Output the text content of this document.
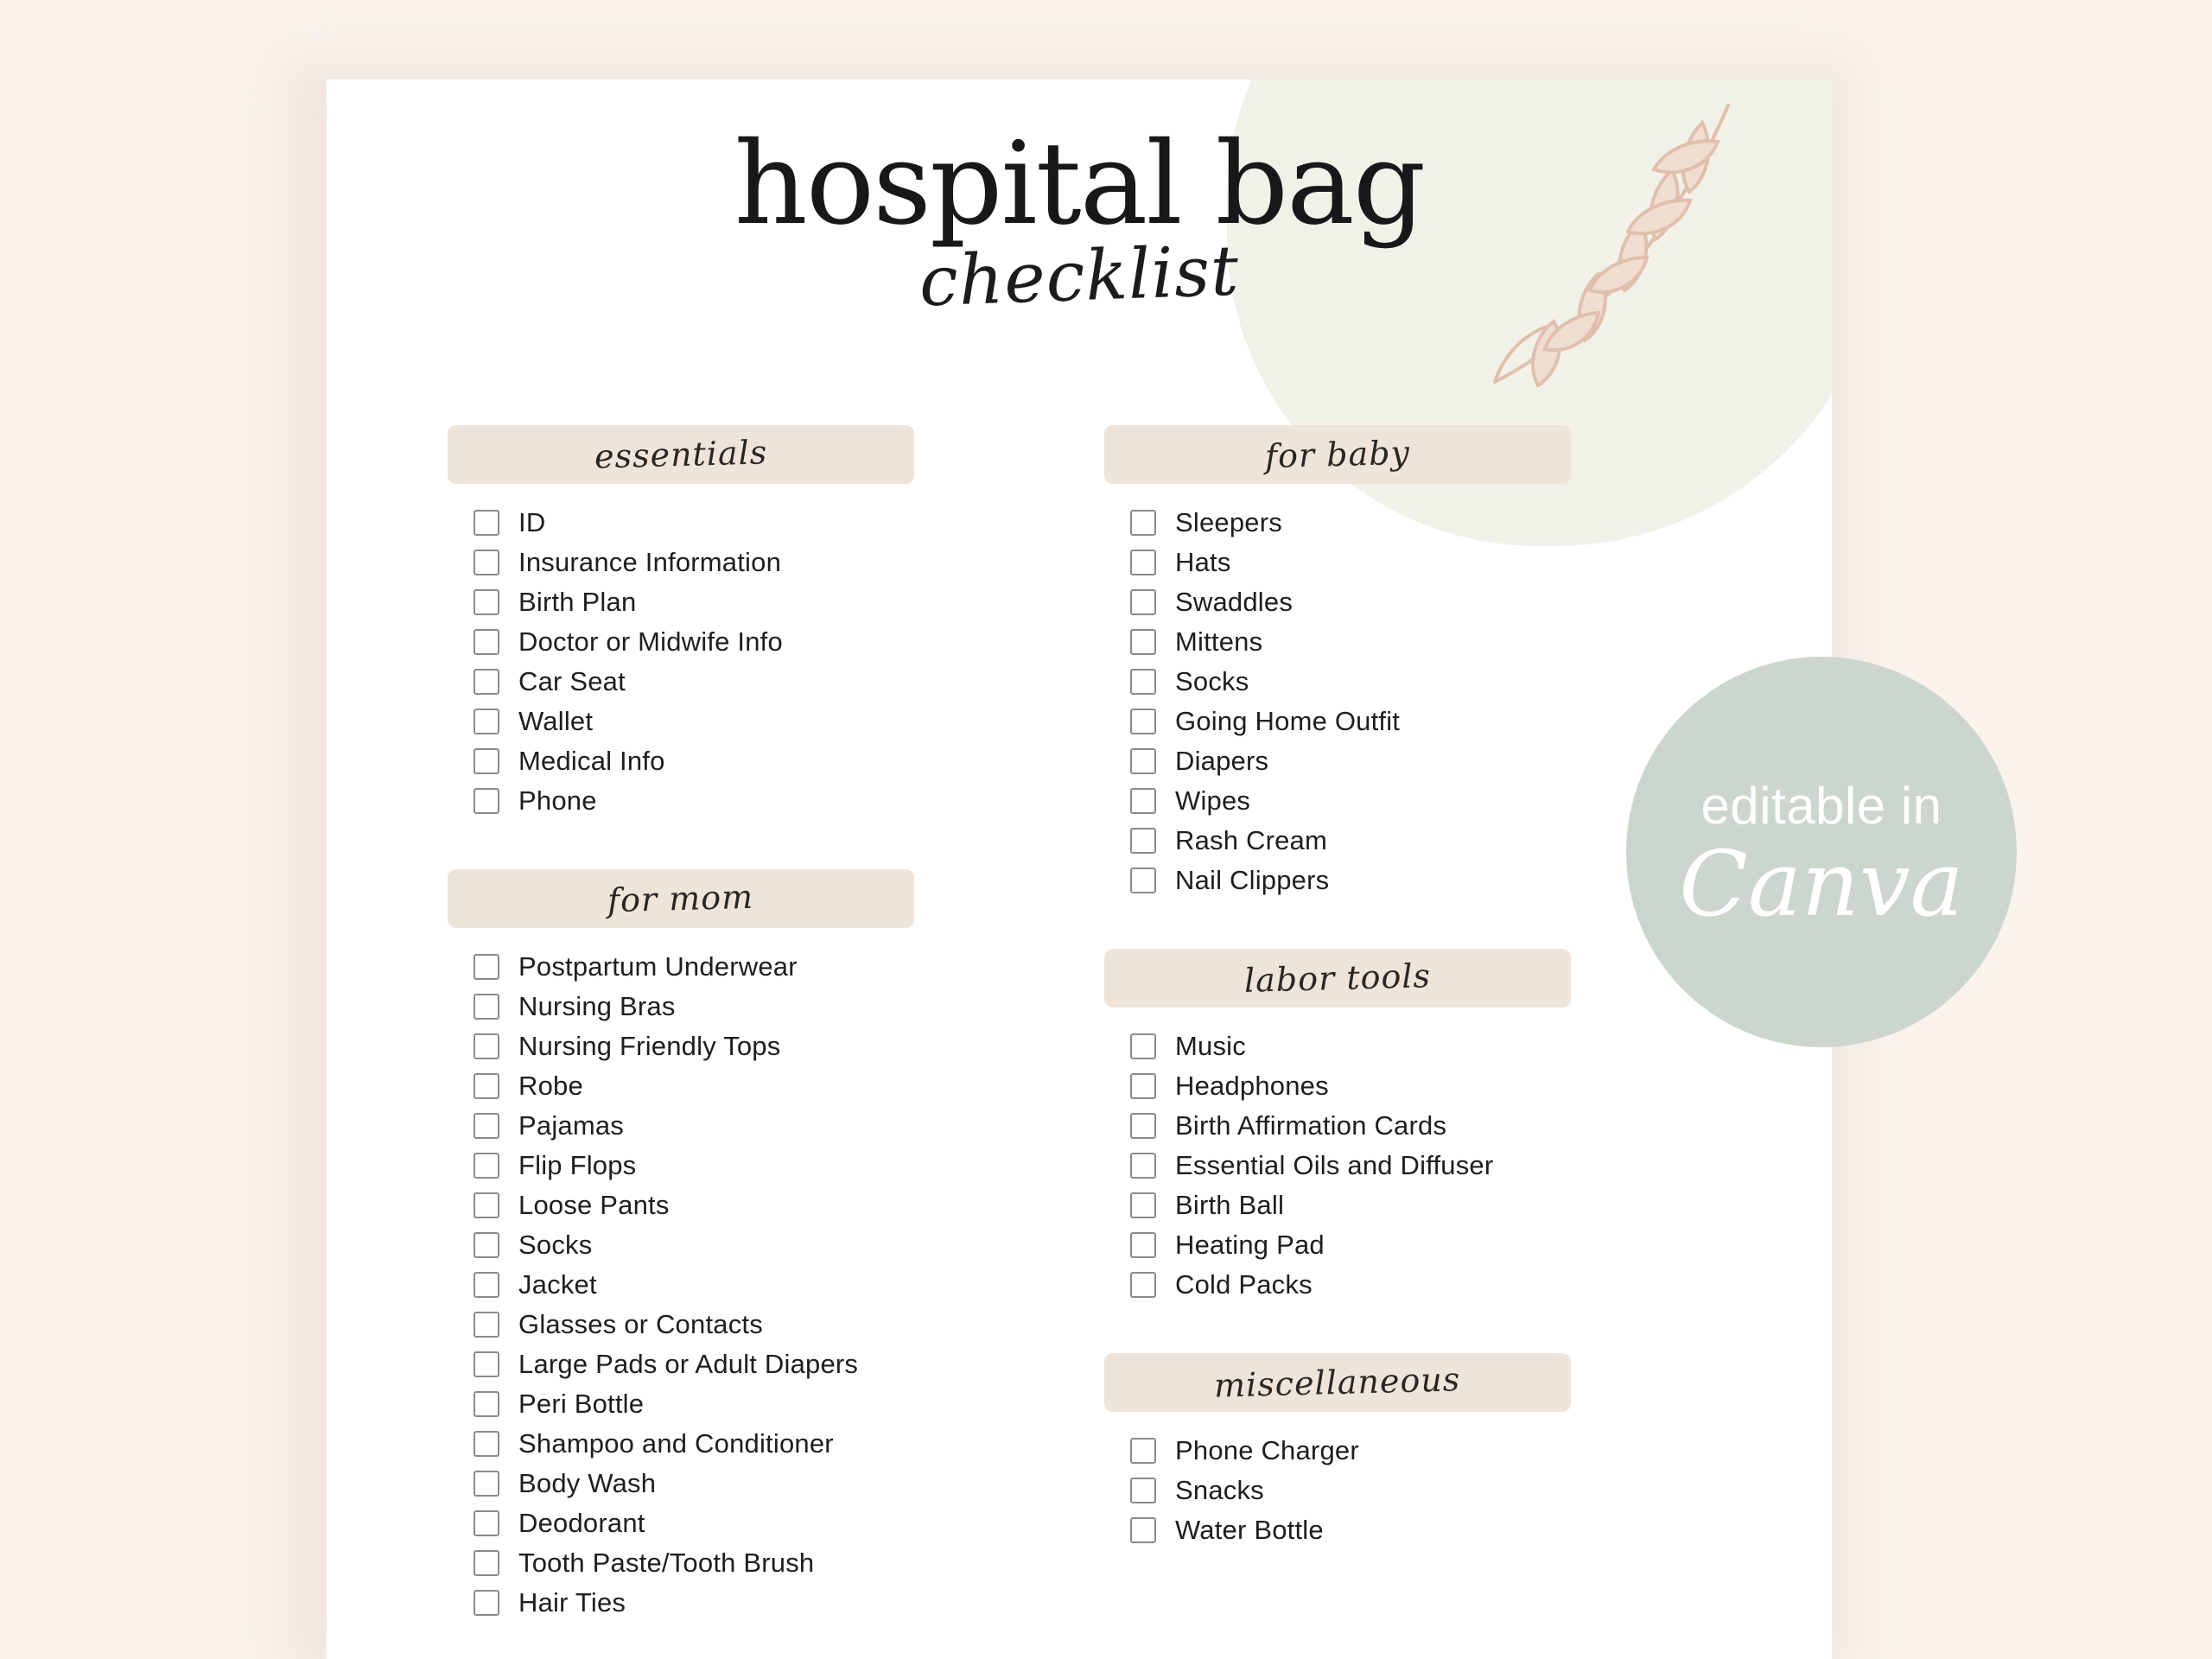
hospital bag
checklist
essentials
ID
Insurance Information
Birth Plan
Doctor or Midwife Info
Car Seat
Wallet
Medical Info
Phone
for mom
Postpartum Underwear
Nursing Bras
Nursing Friendly Tops
Robe
Pajamas
Flip Flops
Loose Pants
Socks
Jacket
Glasses or Contacts
Large Pads or Adult Diapers
Peri Bottle
Shampoo and Conditioner
Body Wash
Deodorant
Tooth Paste/Tooth Brush
Hair Ties
for baby
Sleepers
Hats
Swaddles
Mittens
Socks
Going Home Outfit
Diapers
Wipes
Rash Cream
Nail Clippers
labor tools
Music
Headphones
Birth Affirmation Cards
Essential Oils and Diffuser
Birth Ball
Heating Pad
Cold Packs
miscellaneous
Phone Charger
Snacks
Water Bottle
editable in
Canva
